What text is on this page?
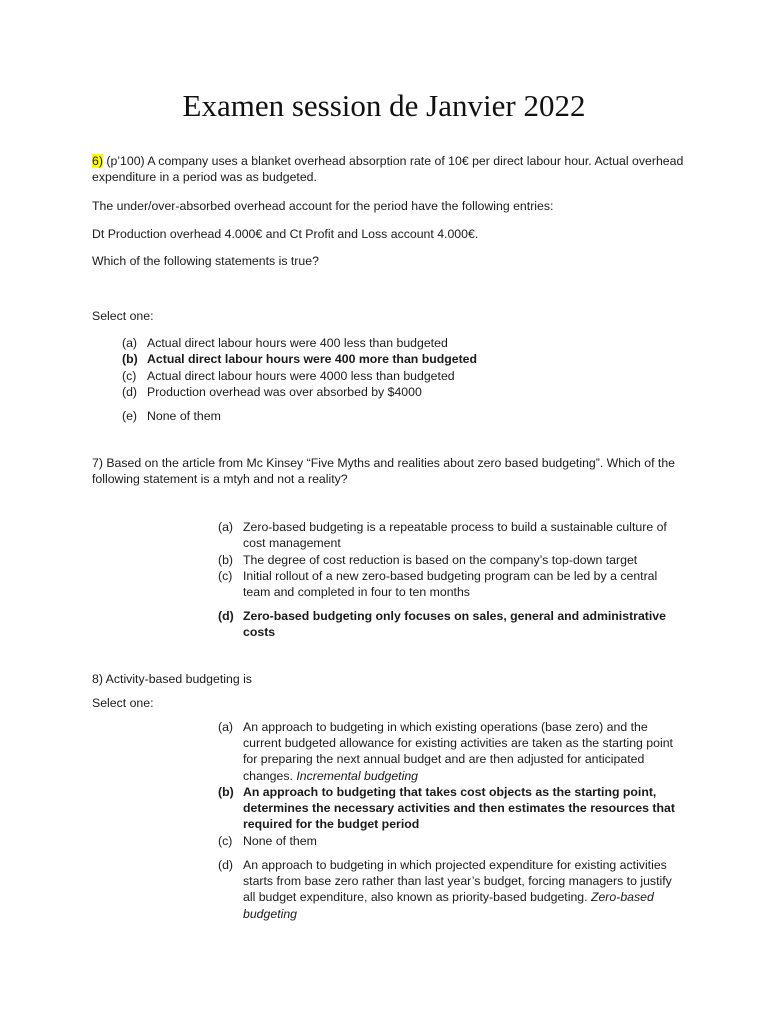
Examen session de Janvier 2022

6) (p’100) A company uses a blanket overhead absorption rate of 10€ per direct labour hour. Actual overhead expenditure in a period was as budgeted.

The under/over-absorbed overhead account for the period have the following entries:

Dt Production overhead 4.000€ and Ct Profit and Loss account 4.000€.

Which of the following statements is true?

Select one:

(a) Actual direct labour hours were 400 less than budgeted
(b) Actual direct labour hours were 400 more than budgeted
(c) Actual direct labour hours were 4000 less than budgeted
(d) Production overhead was over absorbed by $4000
(e) None of them

7) Based on the article from Mc Kinsey “Five Myths and realities about zero based budgeting”. Which of the following statement is a mtyh and not a reality?

(a) Zero-based budgeting is a repeatable process to build a sustainable culture of cost management
(b) The degree of cost reduction is based on the company’s top-down target
(c) Initial rollout of a new zero-based budgeting program can be led by a central team and completed in four to ten months
(d) Zero-based budgeting only focuses on sales, general and administrative costs

8) Activity-based budgeting is

Select one:

(a) An approach to budgeting in which existing operations (base zero) and the current budgeted allowance for existing activities are taken as the starting point for preparing the next annual budget and are then adjusted for anticipated changes. Incremental budgeting
(b) An approach to budgeting that takes cost objects as the starting point, determines the necessary activities and then estimates the resources that required for the budget period
(c) None of them
(d) An approach to budgeting in which projected expenditure for existing activities starts from base zero rather than last year’s budget, forcing managers to justify all budget expenditure, also known as priority-based budgeting. Zero-based budgeting
